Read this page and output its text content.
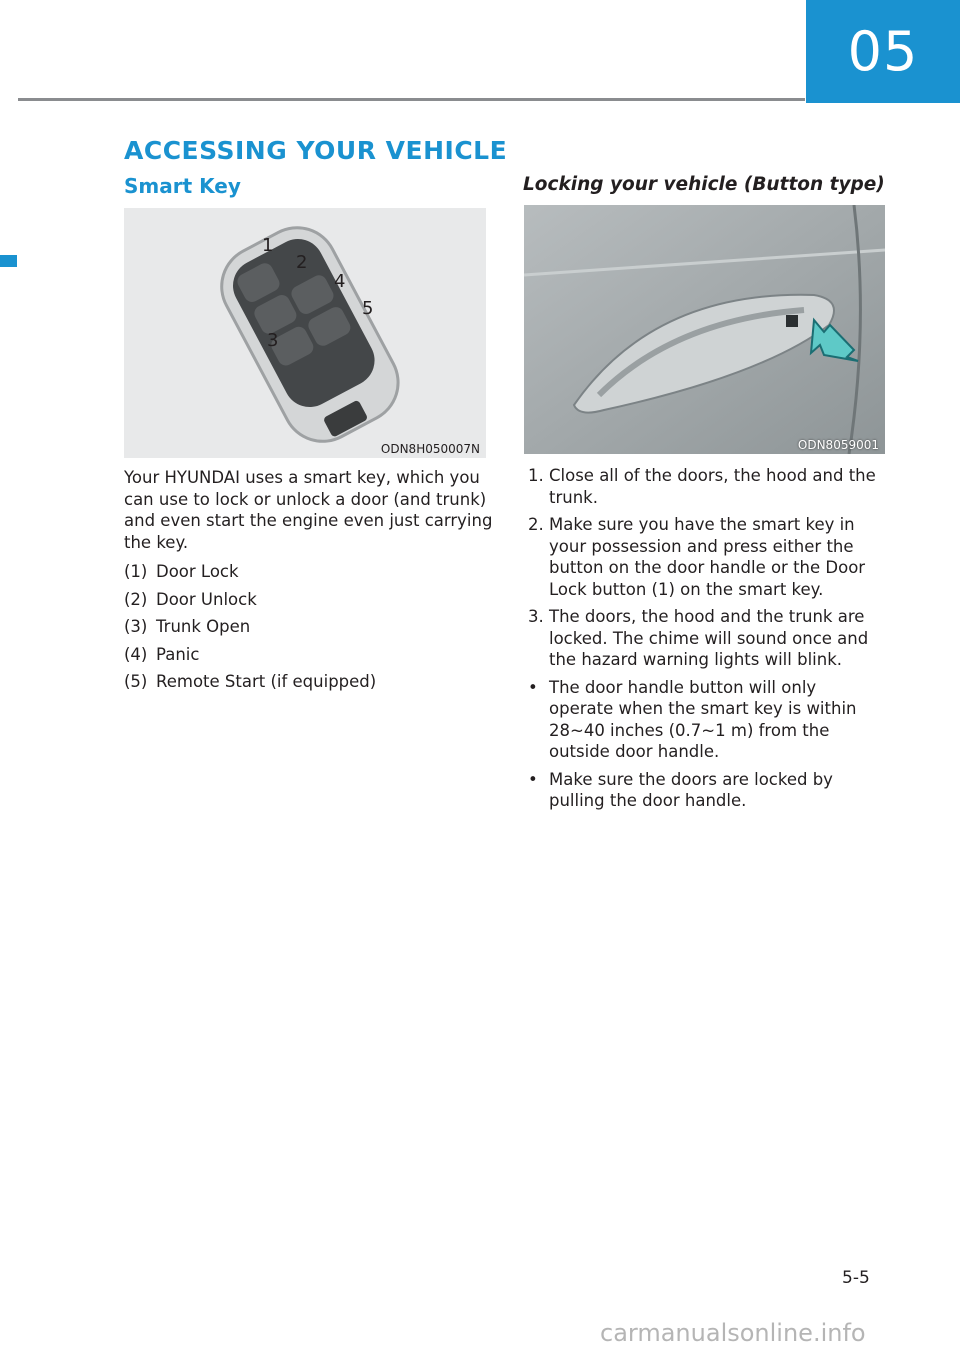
05
ACCESSING YOUR VEHICLE
Smart Key	Locking your vehicle (Button type)
1
2
3
4
5
ODN8H050007N	ODN8059001

Your HYUNDAI uses a smart key, which you can use to lock or unlock a door (and trunk) and even start the engine even just carrying the key.

(1) Door Lock
(2) Door Unlock
(3) Trunk Open
(4) Panic
(5) Remote Start (if equipped)
1. Close all of the doors, the hood and the trunk.
2. Make sure you have the smart key in your possession and press either the button on the door handle or the Door Lock button (1) on the smart key.
3. The doors, the hood and the trunk are locked. The chime will sound once and the hazard warning lights will blink.
• The door handle button will only operate when the smart key is within 28~40 inches (0.7~1 m) from the outside door handle.
• Make sure the doors are locked by pulling the door handle.
5-5
carmanualsonline.info
